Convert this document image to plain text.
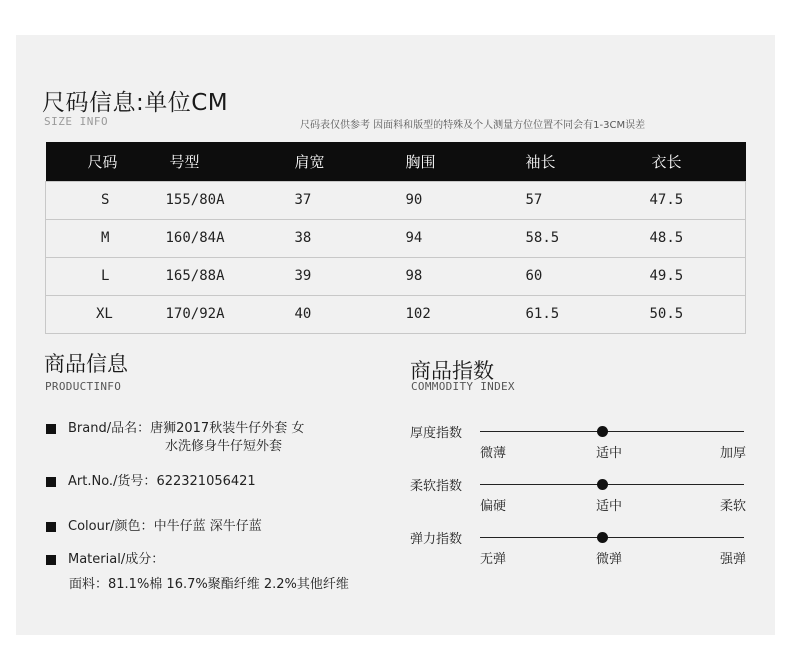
尺码信息:单位CM
SIZE INFO	尺码表仅供参考 因面料和版型的特殊及个人测量方位位置不同会有1-3CM误差
尺码	号型	肩宽	胸围	袖长	衣长
S	155/80A	37	90	57	47.5
M	160/84A	38	94	58.5	48.5
L	165/88A	39	98	60	49.5
XL	170/92A	40	102	61.5	50.5
商品信息
PRODUCTINFO
Brand/品名：唐狮2017秋装牛仔外套 女
水洗修身牛仔短外套
Art.No./货号：622321056421
Colour/颜色：中牛仔蓝 深牛仔蓝
Material/成分：
面料：81.1%棉 16.7%聚酯纤维 2.2%其他纤维
商品指数
COMMODITY INDEX
厚度指数
微薄	适中	加厚
柔软指数
偏硬	适中	柔软
弹力指数
无弹	微弹	强弹
